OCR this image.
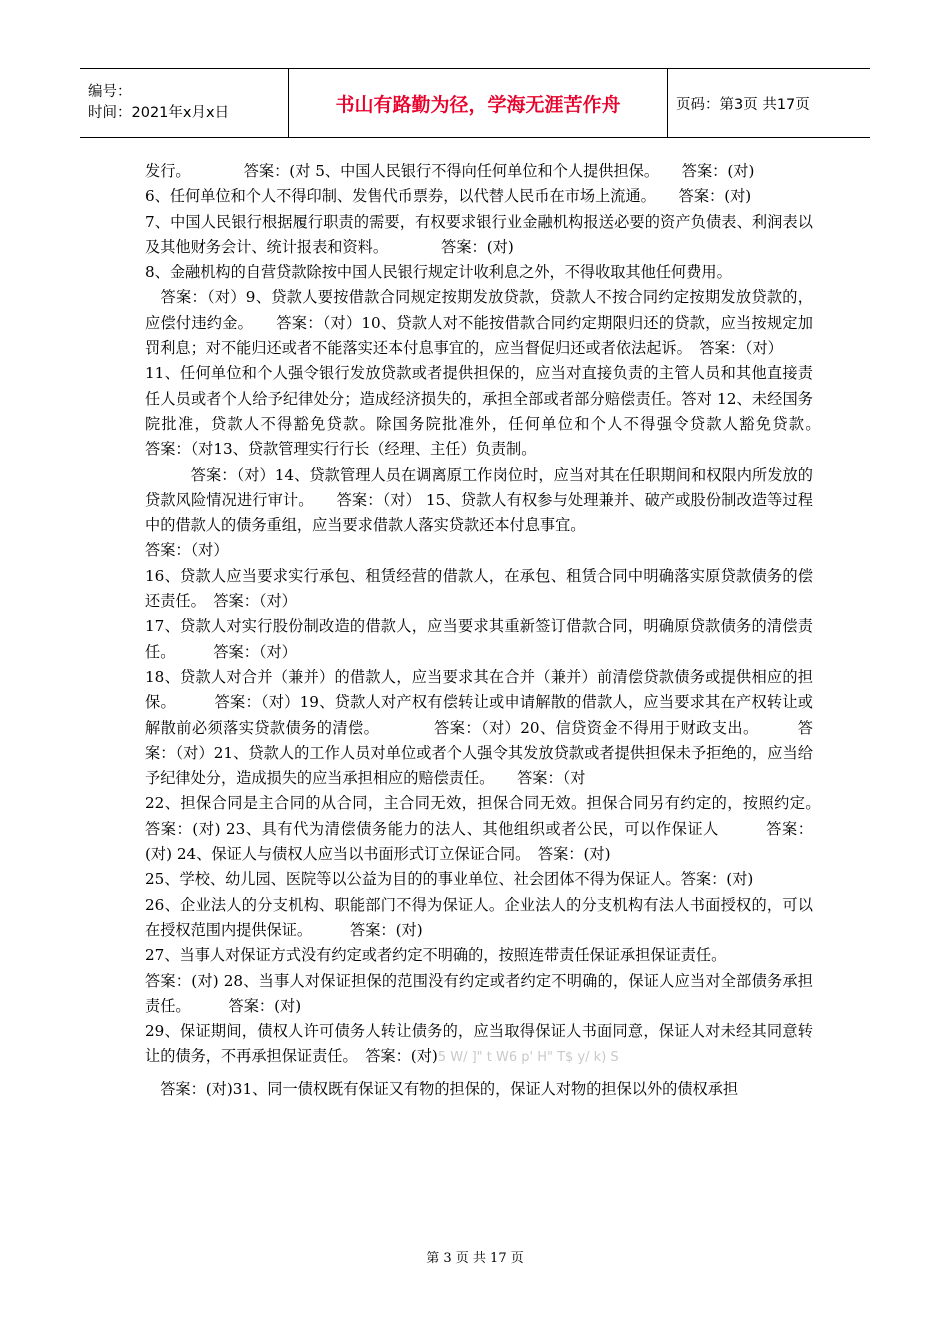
编号：
时间：2021年x月x日	书山有路勤为径，学海无涯苦作舟	页码：第3页 共17页

发行。　　　　答案：(对 5、中国人民银行不得向任何单位和个人提供担保。　　答案：(对)

6、任何单位和个人不得印制、发售代币票券，以代替人民币在市场上流通。　　答案：(对)

7、中国人民银行根据履行职责的需要，有权要求银行业金融机构报送必要的资产负债表、利润表以及其他财务会计、统计报表和资料。　　　　答案：(对)

8、金融机构的自营贷款除按中国人民银行规定计收利息之外，不得收取其他任何费用。

　答案：（对）9、贷款人要按借款合同规定按期发放贷款，贷款人不按合同约定按期发放贷款的，应偿付违约金。　　答案：（对）10、贷款人对不能按借款合同约定期限归还的贷款，应当按规定加罚利息；对不能归还或者不能落实还本付息事宜的，应当督促归还或者依法起诉。　答案：（对）

11、任何单位和个人强令银行发放贷款或者提供担保的，应当对直接负责的主管人员和其他直接责任人员或者个人给予纪律处分；造成经济损失的，承担全部或者部分赔偿责任。答对 12、未经国务院批准，贷款人不得豁免贷款。除国务院批准外，任何单位和个人不得强令贷款人豁免贷款。　　　　答案：（对13、贷款管理实行行长（经理、主任）负责制。

　　　答案：（对）14、贷款管理人员在调离原工作岗位时，应当对其在任职期间和权限内所发放的贷款风险情况进行审计。　　答案：（对） 15、贷款人有权参与处理兼并、破产或股份制改造等过程中的借款人的债务重组，应当要求借款人落实贷款还本付息事宜。

答案：（对）

16、贷款人应当要求实行承包、租赁经营的借款人，在承包、租赁合同中明确落实原贷款债务的偿还责任。　答案：（对）

17、贷款人对实行股份制改造的借款人，应当要求其重新签订借款合同，明确原贷款债务的清偿责任。　　　答案：（对）

18、贷款人对合并（兼并）的借款人，应当要求其在合并（兼并）前清偿贷款债务或提供相应的担保。　　　答案：（对）19、贷款人对产权有偿转让或申请解散的借款人，应当要求其在产权转让或解散前必须落实贷款债务的清偿。　　　　答案：（对）20、信贷资金不得用于财政支出。　　　答案：（对）21、贷款人的工作人员对单位或者个人强令其发放贷款或者提供担保未予拒绝的，应当给予纪律处分，造成损失的应当承担相应的赔偿责任。　　答案：（对

22、担保合同是主合同的从合同，主合同无效，担保合同无效。担保合同另有约定的，按照约定。　答案：(对) 23、具有代为清偿债务能力的法人、其他组织或者公民，可以作保证人　　　答案：(对) 24、保证人与债权人应当以书面形式订立保证合同。　答案：(对)

25、学校、幼儿园、医院等以公益为目的的事业单位、社会团体不得为保证人。答案：(对)

26、企业法人的分支机构、职能部门不得为保证人。企业法人的分支机构有法人书面授权的，可以在授权范围内提供保证。　　　答案：(对)

27、当事人对保证方式没有约定或者约定不明确的，按照连带责任保证承担保证责任。

答案：(对) 28、当事人对保证担保的范围没有约定或者约定不明确的，保证人应当对全部债务承担责任。　　　答案：(对)

29、保证期间，债权人许可债务人转让债务的，应当取得保证人书面同意，保证人对未经其同意转让的债务，不再承担保证责任。　答案：(对)5 W/ ]" t W6 p' H" T$ y/ k) S

　答案：(对)31、同一债权既有保证又有物的担保的，保证人对物的担保以外的债权承担

第 3 页 共 17 页
